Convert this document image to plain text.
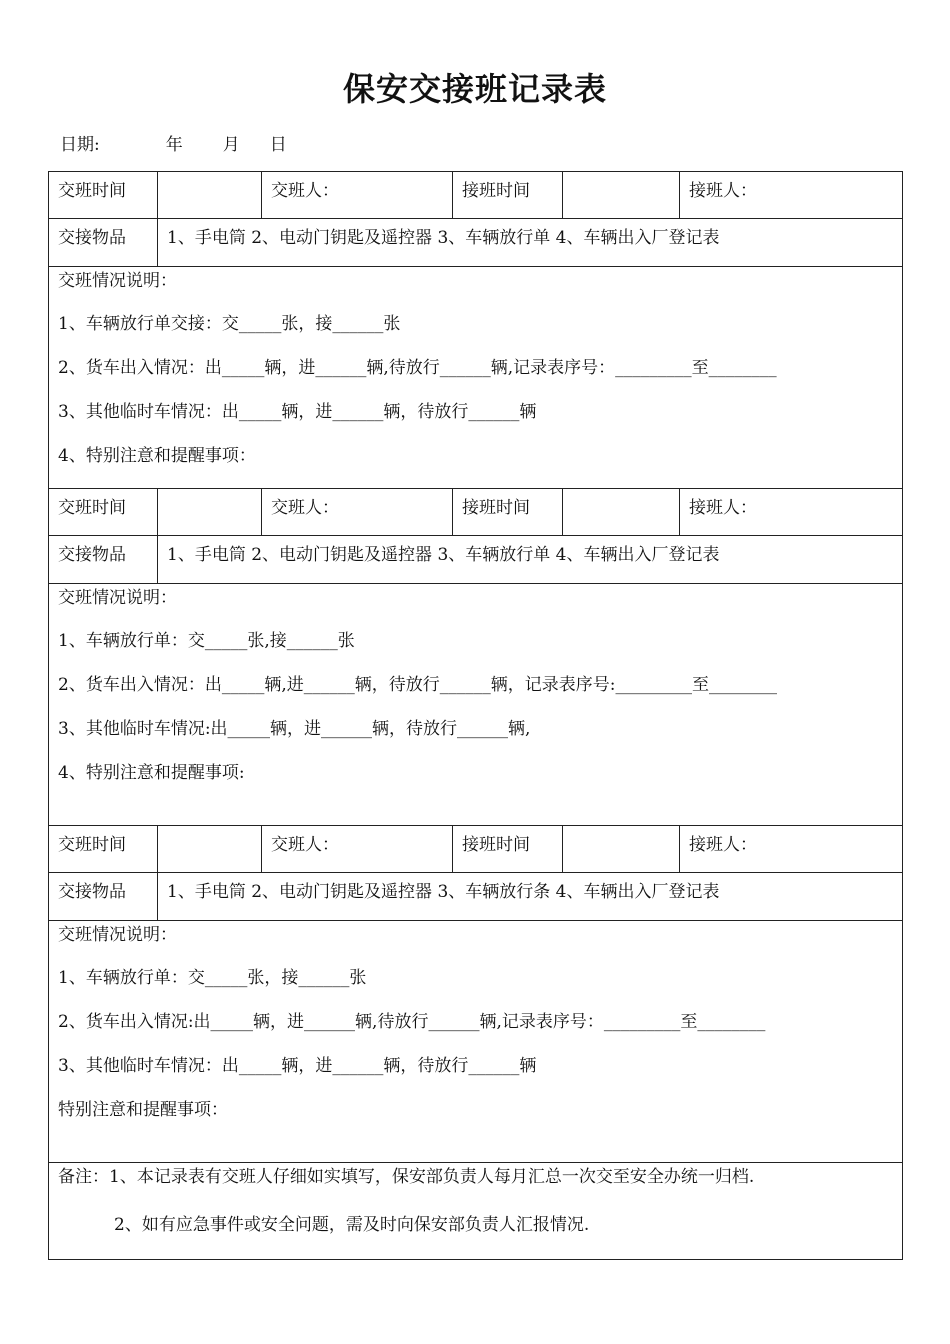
保安交接班记录表
日期:	年 月 日
交班时间		交班人：	接班时间		接班人：
交接物品	1、手电筒 2、电动门钥匙及遥控器 3、车辆放行单 4、车辆出入厂登记表				

交班情况说明：
1、车辆放行单交接：交_____张，接______张
2、货车出入情况：出_____辆，进______辆,待放行______辆,记录表序号：_________至________
3、其他临时车情况：出_____辆，进______辆，待放行______辆
4、特别注意和提醒事项：					

交班时间		交班人：	接班时间		接班人：
交接物品	1、手电筒 2、电动门钥匙及遥控器 3、车辆放行单 4、车辆出入厂登记表				

交班情况说明：
1、车辆放行单：交_____张,接______张
2、货车出入情况：出_____辆,进______辆，待放行______辆，记录表序号:_________至________
3、其他临时车情况:出_____辆，进______辆，待放行______辆,
4、特别注意和提醒事项:					

交班时间		交班人：	接班时间		接班人：
交接物品	1、手电筒 2、电动门钥匙及遥控器 3、车辆放行条 4、车辆出入厂登记表				

交班情况说明：
1、车辆放行单：交_____张，接______张
2、货车出入情况:出_____辆，进______辆,待放行______辆,记录表序号：_________至________
3、其他临时车情况：出_____辆，进______辆，待放行______辆
特别注意和提醒事项：					

备注：1、本记录表有交班人仔细如实填写，保安部负责人每月汇总一次交至安全办统一归档.
2、如有应急事件或安全问题，需及时向保安部负责人汇报情况.					
